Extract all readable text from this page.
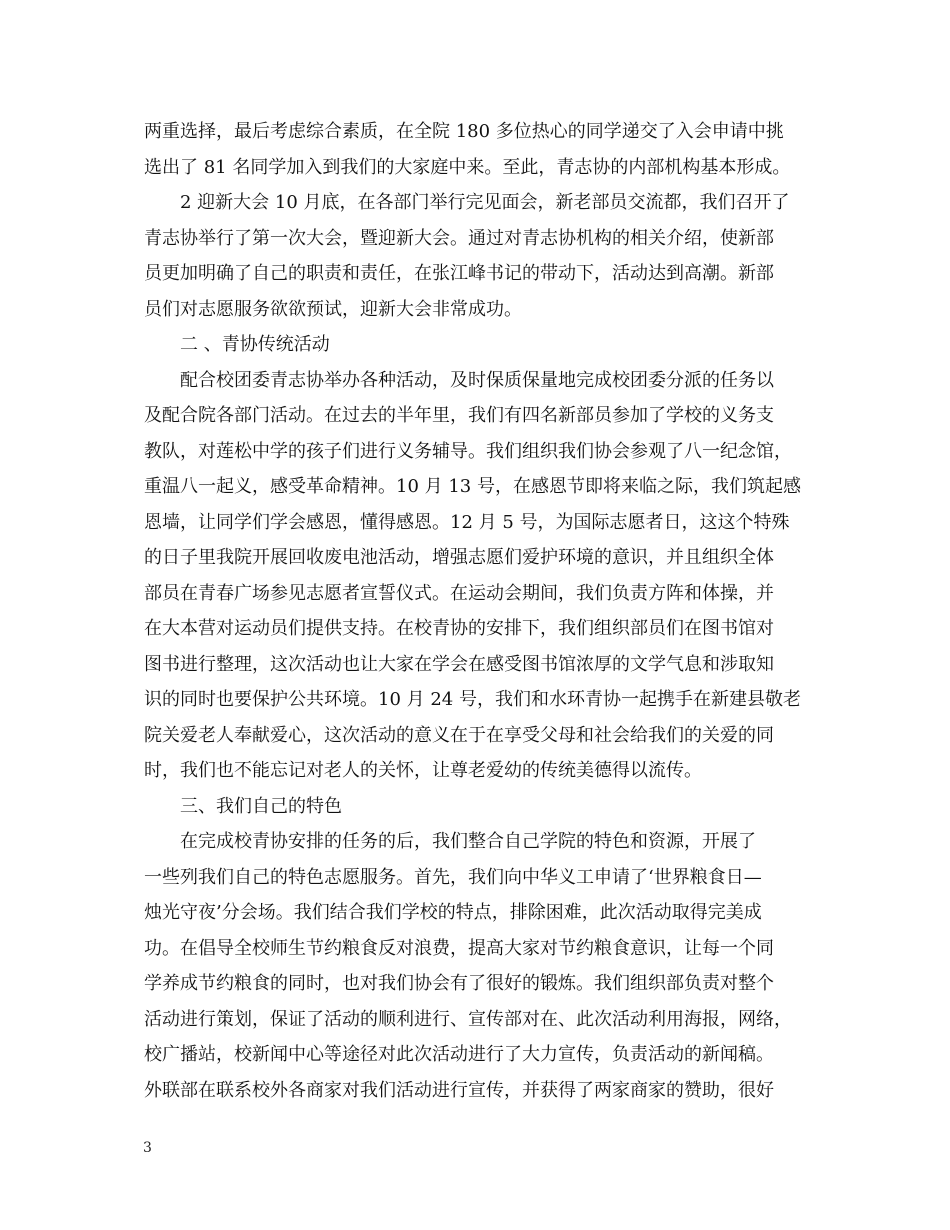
两重选择，最后考虑综合素质，在全院 180 多位热心的同学递交了入会申请中挑
选出了 81 名同学加入到我们的大家庭中来。至此，青志协的内部机构基本形成。
2 迎新大会 10 月底，在各部门举行完见面会，新老部员交流都，我们召开了
青志协举行了第一次大会，暨迎新大会。通过对青志协机构的相关介绍，使新部
员更加明确了自己的职责和责任，在张江峰书记的带动下，活动达到高潮。新部
员们对志愿服务欲欲预试，迎新大会非常成功。
二 、青协传统活动
配合校团委青志协举办各种活动，及时保质保量地完成校团委分派的任务以
及配合院各部门活动。在过去的半年里，我们有四名新部员参加了学校的义务支
教队，对莲松中学的孩子们进行义务辅导。我们组织我们协会参观了八一纪念馆，
重温八一起义，感受革命精神。10 月 13 号，在感恩节即将来临之际，我们筑起感
恩墙，让同学们学会感恩，懂得感恩。12 月 5 号，为国际志愿者日，这这个特殊
的日子里我院开展回收废电池活动，增强志愿们爱护环境的意识，并且组织全体
部员在青春广场参见志愿者宣誓仪式。在运动会期间，我们负责方阵和体操，并
在大本营对运动员们提供支持。在校青协的安排下，我们组织部员们在图书馆对
图书进行整理，这次活动也让大家在学会在感受图书馆浓厚的文学气息和涉取知
识的同时也要保护公共环境。10 月 24 号，我们和水环青协一起携手在新建县敬老
院关爱老人奉献爱心，这次活动的意义在于在享受父母和社会给我们的关爱的同
时，我们也不能忘记对老人的关怀，让尊老爱幼的传统美德得以流传。
三、我们自己的特色
在完成校青协安排的任务的后，我们整合自己学院的特色和资源，开展了
一些列我们自己的特色志愿服务。首先，我们向中华义工申请了‘世界粮食日—
烛光守夜’分会场。我们结合我们学校的特点，排除困难，此次活动取得完美成
功。在倡导全校师生节约粮食反对浪费，提高大家对节约粮食意识，让每一个同
学养成节约粮食的同时，也对我们协会有了很好的锻炼。我们组织部负责对整个
活动进行策划，保证了活动的顺利进行、宣传部对在、此次活动利用海报，网络，
校广播站，校新闻中心等途径对此次活动进行了大力宣传，负责活动的新闻稿。
外联部在联系校外各商家对我们活动进行宣传，并获得了两家商家的赞助，很好
3
